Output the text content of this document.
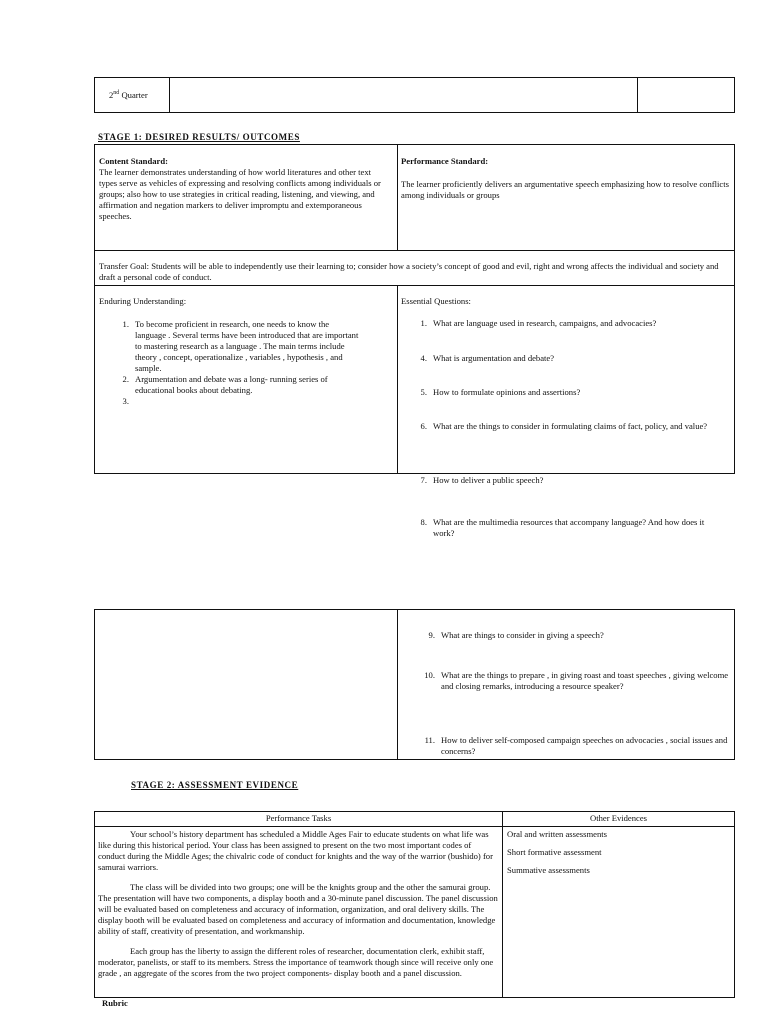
2nd Quarter
STAGE 1: DESIRED RESULTS/ OUTCOMES
Content Standard:

The learner demonstrates understanding of how world literatures and other text types serve as vehicles of expressing and resolving conflicts among individuals or groups; also how to use strategies in critical reading, listening, and viewing, and affirmation and negation markers to deliver impromptu and extemporaneous speeches.

Performance Standard:

The learner proficiently delivers an argumentative speech emphasizing how to resolve conflicts among individuals or groups

Transfer Goal: Students will be able to independently use their learning to; consider how a society’s concept of good and evil, right and wrong affects the individual and society and draft a personal code of conduct.

Enduring Understanding:

1. To become proficient in research, one needs to know the language . Several terms have been introduced that are important to mastering research as a language . The main terms include theory , concept, operationalize , variables , hypothesis , and sample.
2. Argumentation and debate was a long- running series of educational books about debating.
3.

Essential Questions:

1. What are language used in research, campaigns, and advocacies?
4. What is argumentation and debate?
5. How to formulate opinions and assertions?
6. What are the things to consider in formulating claims of fact, policy, and value?
7. How to deliver a public speech?
8. What are the multimedia resources that accompany language? And how does it work?
9. What are things to consider in giving a speech?
10. What are the things to prepare , in giving roast and toast speeches , giving welcome and closing remarks, introducing a resource speaker?
11. How to deliver self-composed campaign speeches on advocacies , social issues and concerns?
STAGE 2: ASSESSMENT EVIDENCE
Performance Tasks	Other Evidences

Your school’s history department has scheduled a Middle Ages Fair to educate students on what life was like during this historical period. Your class has been assigned to present on the two most important codes of conduct during the Middle Ages; the chivalric code of conduct for knights and the way of the warrior (bushido) for samurai warriors.

The class will be divided into two groups; one will be the knights group and the other the samurai group. The presentation will have two components, a display booth and a 30-minute panel discussion. The panel discussion will be evaluated based on completeness and accuracy of information, organization, and oral delivery skills. The display booth will be evaluated based on completeness and accuracy of information and documentation, knowledge ability of staff, creativity of presentation, and workmanship.

Each group has the liberty to assign the different roles of researcher, documentation clerk, exhibit staff, moderator, panelists, or staff to its members. Stress the importance of teamwork though since will receive only one grade , an aggregate of the scores from the two project components- display booth and a panel discussion.

Oral and written assessments

Short formative assessment

Summative assessments

Rubric
